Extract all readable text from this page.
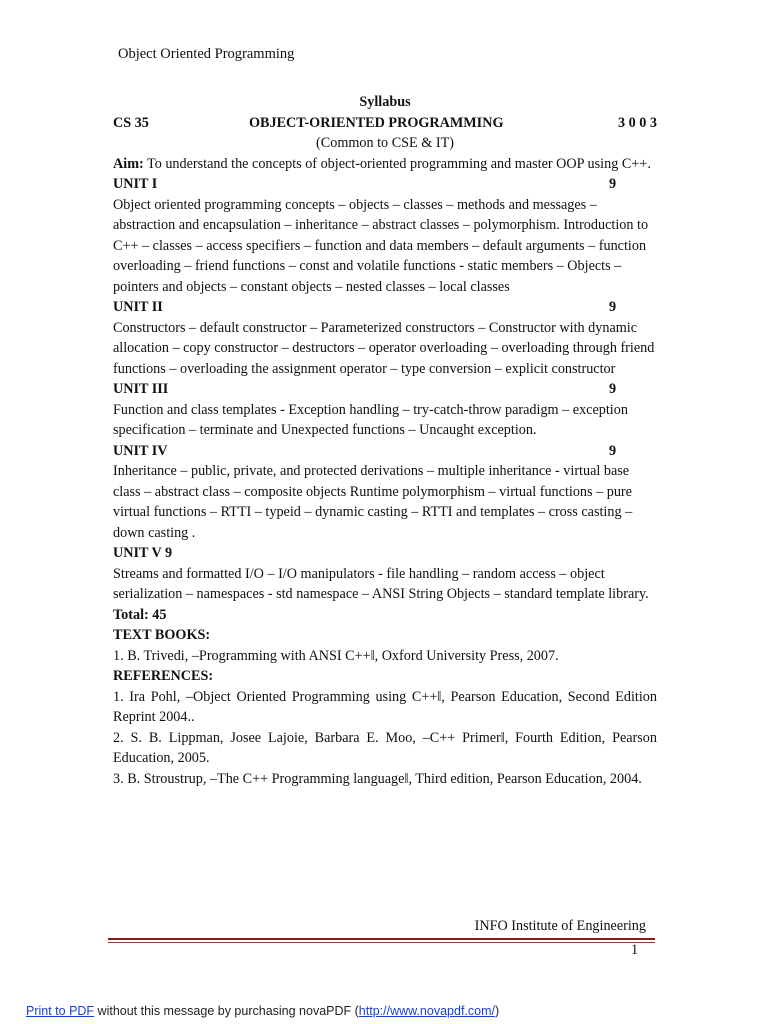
Object Oriented Programming
Syllabus
CS 35	OBJECT-ORIENTED PROGRAMMING	3 0 0 3
(Common to CSE & IT)

Aim: To understand the concepts of object-oriented programming and master OOP using C++.

UNIT I	9

Object oriented programming concepts – objects – classes – methods and messages – abstraction and encapsulation – inheritance – abstract classes – polymorphism. Introduction to C++ – classes – access specifiers – function and data members – default arguments – function overloading – friend functions – const and volatile functions - static members – Objects – pointers and objects – constant objects – nested classes – local classes

UNIT II	9

Constructors – default constructor – Parameterized constructors – Constructor with dynamic allocation – copy constructor – destructors – operator overloading – overloading through friend functions – overloading the assignment operator – type conversion – explicit constructor

UNIT III	9

Function and class templates - Exception handling – try-catch-throw paradigm – exception specification – terminate and Unexpected functions – Uncaught exception.

UNIT IV	9

Inheritance – public, private, and protected derivations – multiple inheritance - virtual base class – abstract class – composite objects Runtime polymorphism – virtual functions – pure virtual functions – RTTI – typeid – dynamic casting – RTTI and templates – cross casting – down casting .

UNIT V 9

Streams and formatted I/O – I/O manipulators - file handling – random access – object serialization – namespaces - std namespace – ANSI String Objects – standard template library.

Total: 45
TEXT BOOKS:

1. B. Trivedi, –Programming with ANSI C++‖, Oxford University Press, 2007.

REFERENCES:

1. Ira Pohl, –Object Oriented Programming using C++‖, Pearson Education, Second Edition Reprint 2004..

2. S. B. Lippman, Josee Lajoie, Barbara E. Moo, –C++ Primer‖, Fourth Edition, Pearson Education, 2005.

3. B. Stroustrup, –The C++ Programming language‖, Third edition, Pearson Education, 2004.

INFO Institute of Engineering
1
Print to PDF without this message by purchasing novaPDF (http://www.novapdf.com/)
